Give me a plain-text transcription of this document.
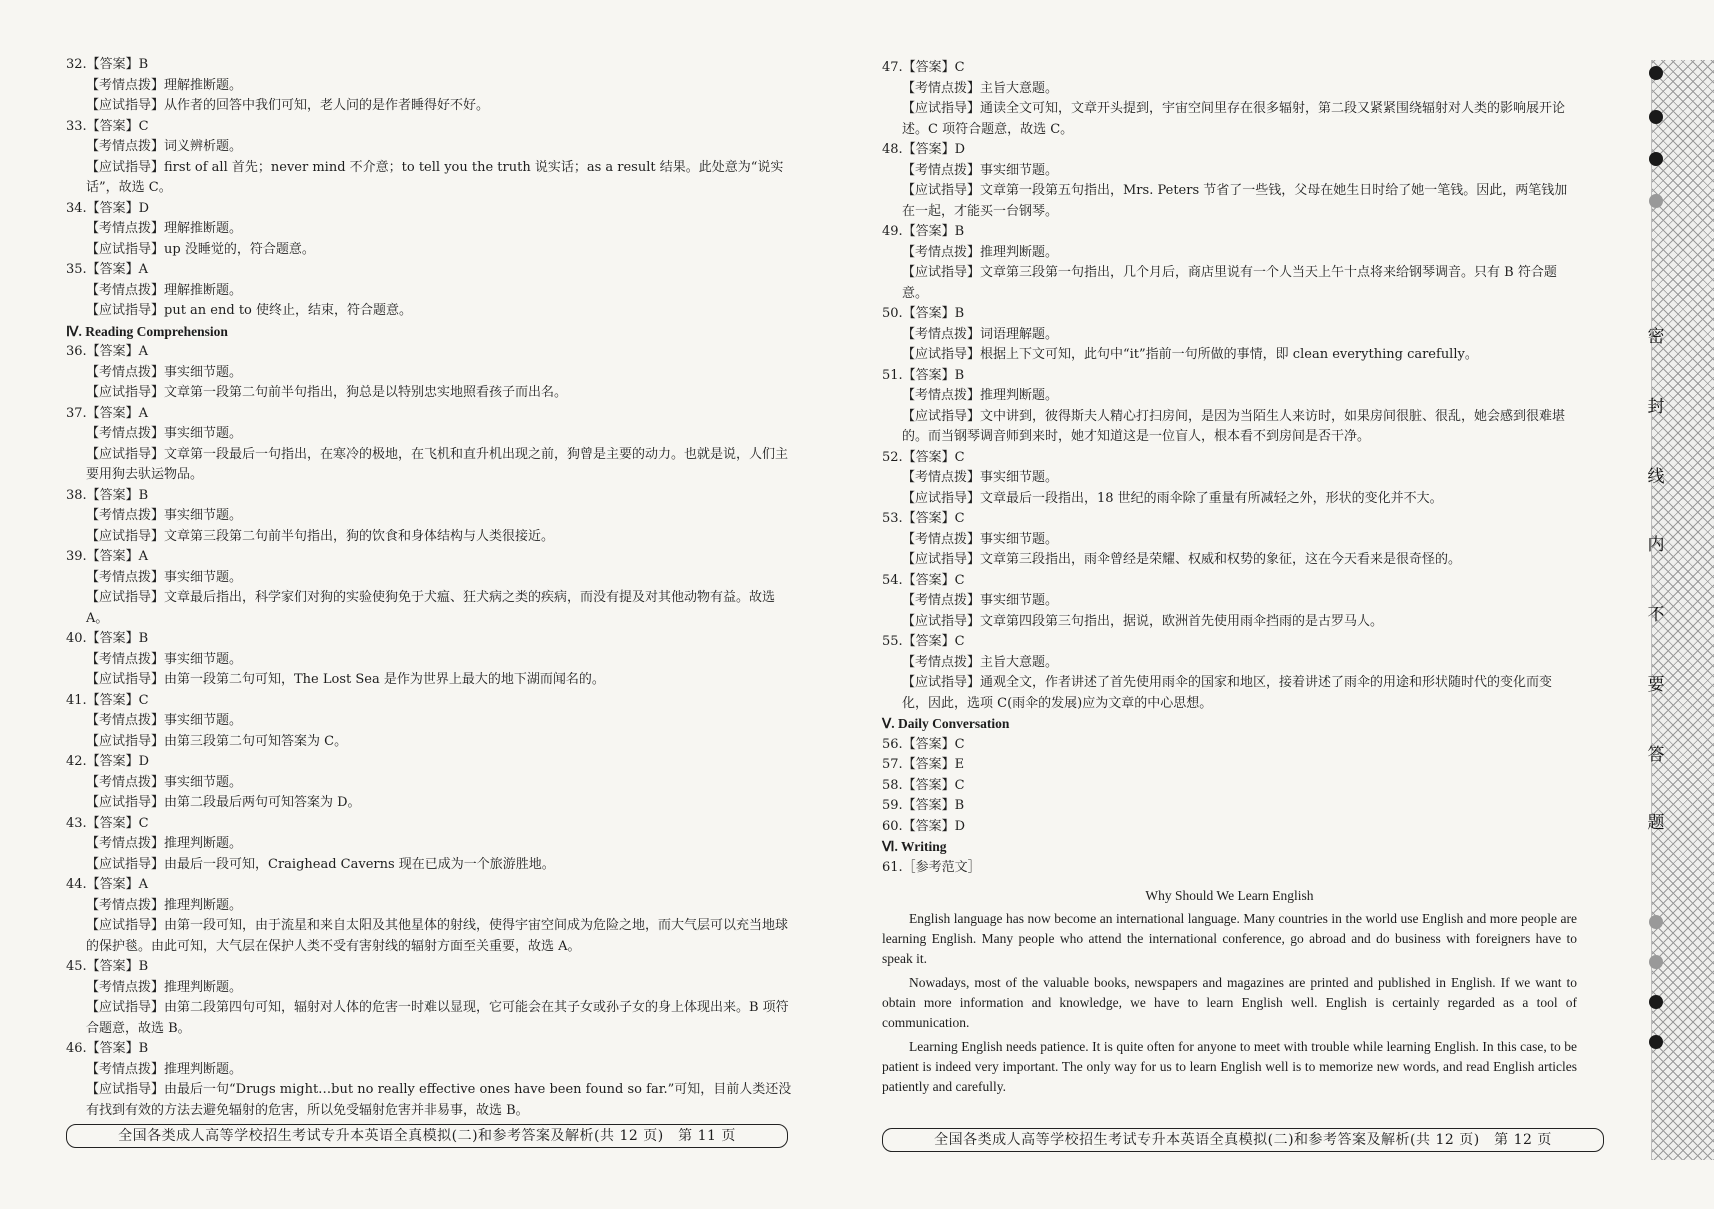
32.【答案】B

【考情点拨】理解推断题。

【应试指导】从作者的回答中我们可知，老人问的是作者睡得好不好。

33.【答案】C

【考情点拨】词义辨析题。

【应试指导】first of all 首先；never mind 不介意；to tell you the truth 说实话；as a result 结果。此处意为“说实话”，故选 C。

34.【答案】D

【考情点拨】理解推断题。

【应试指导】up 没睡觉的，符合题意。

35.【答案】A

【考情点拨】理解推断题。

【应试指导】put an end to 使终止，结束，符合题意。

Ⅳ. Reading Comprehension

36.【答案】A

【考情点拨】事实细节题。

【应试指导】文章第一段第二句前半句指出，狗总是以特别忠实地照看孩子而出名。

37.【答案】A

【考情点拨】事实细节题。

【应试指导】文章第一段最后一句指出，在寒冷的极地，在飞机和直升机出现之前，狗曾是主要的动力。也就是说，人们主要用狗去驮运物品。

38.【答案】B

【考情点拨】事实细节题。

【应试指导】文章第三段第二句前半句指出，狗的饮食和身体结构与人类很接近。

39.【答案】A

【考情点拨】事实细节题。

【应试指导】文章最后指出，科学家们对狗的实验使狗免于犬瘟、狂犬病之类的疾病，而没有提及对其他动物有益。故选 A。

40.【答案】B

【考情点拨】事实细节题。

【应试指导】由第一段第二句可知，The Lost Sea 是作为世界上最大的地下湖而闻名的。

41.【答案】C

【考情点拨】事实细节题。

【应试指导】由第三段第二句可知答案为 C。

42.【答案】D

【考情点拨】事实细节题。

【应试指导】由第二段最后两句可知答案为 D。

43.【答案】C

【考情点拨】推理判断题。

【应试指导】由最后一段可知，Craighead Caverns 现在已成为一个旅游胜地。

44.【答案】A

【考情点拨】推理判断题。

【应试指导】由第一段可知，由于流星和来自太阳及其他星体的射线，使得宇宙空间成为危险之地，而大气层可以充当地球的保护毯。由此可知，大气层在保护人类不受有害射线的辐射方面至关重要，故选 A。

45.【答案】B

【考情点拨】推理判断题。

【应试指导】由第二段第四句可知，辐射对人体的危害一时难以显现，它可能会在其子女或孙子女的身上体现出来。B 项符合题意，故选 B。

46.【答案】B

【考情点拨】推理判断题。

【应试指导】由最后一句“Drugs might…but no really effective ones have been found so far.”可知，目前人类还没有找到有效的方法去避免辐射的危害，所以免受辐射危害并非易事，故选 B。

全国各类成人高等学校招生考试专升本英语全真模拟(二)和参考答案及解析(共 12 页)　第 11 页

47.【答案】C

【考情点拨】主旨大意题。

【应试指导】通读全文可知，文章开头提到，宇宙空间里存在很多辐射，第二段又紧紧围绕辐射对人类的影响展开论述。C 项符合题意，故选 C。

48.【答案】D

【考情点拨】事实细节题。

【应试指导】文章第一段第五句指出，Mrs. Peters 节省了一些钱，父母在她生日时给了她一笔钱。因此，两笔钱加在一起，才能买一台钢琴。

49.【答案】B

【考情点拨】推理判断题。

【应试指导】文章第三段第一句指出，几个月后，商店里说有一个人当天上午十点将来给钢琴调音。只有 B 符合题意。

50.【答案】B

【考情点拨】词语理解题。

【应试指导】根据上下文可知，此句中“it”指前一句所做的事情，即 clean everything carefully。

51.【答案】B

【考情点拨】推理判断题。

【应试指导】文中讲到，彼得斯夫人精心打扫房间，是因为当陌生人来访时，如果房间很脏、很乱，她会感到很难堪的。而当钢琴调音师到来时，她才知道这是一位盲人，根本看不到房间是否干净。

52.【答案】C

【考情点拨】事实细节题。

【应试指导】文章最后一段指出，18 世纪的雨伞除了重量有所减轻之外，形状的变化并不大。

53.【答案】C

【考情点拨】事实细节题。

【应试指导】文章第三段指出，雨伞曾经是荣耀、权威和权势的象征，这在今天看来是很奇怪的。

54.【答案】C

【考情点拨】事实细节题。

【应试指导】文章第四段第三句指出，据说，欧洲首先使用雨伞挡雨的是古罗马人。

55.【答案】C

【考情点拨】主旨大意题。

【应试指导】通观全文，作者讲述了首先使用雨伞的国家和地区，接着讲述了雨伞的用途和形状随时代的变化而变化，因此，选项 C(雨伞的发展)应为文章的中心思想。

Ⅴ. Daily Conversation

56.【答案】C

57.【答案】E

58.【答案】C

59.【答案】B

60.【答案】D

Ⅵ. Writing

61.［参考范文］

Why Should We Learn English

English language has now become an international language. Many countries in the world use English and more people are learning English. Many people who attend the international conference, go abroad and do business with foreigners have to speak it.

Nowadays, most of the valuable books, newspapers and magazines are printed and published in English. If we want to obtain more information and knowledge, we have to learn English well. English is certainly regarded as a tool of communication.

Learning English needs patience. It is quite often for anyone to meet with trouble while learning English. In this case, to be patient is indeed very important. The only way for us to learn English well is to memorize new words, and read English articles patiently and carefully.

全国各类成人高等学校招生考试专升本英语全真模拟(二)和参考答案及解析(共 12 页)　第 12 页
密
封
线
内
不
要
答
题
